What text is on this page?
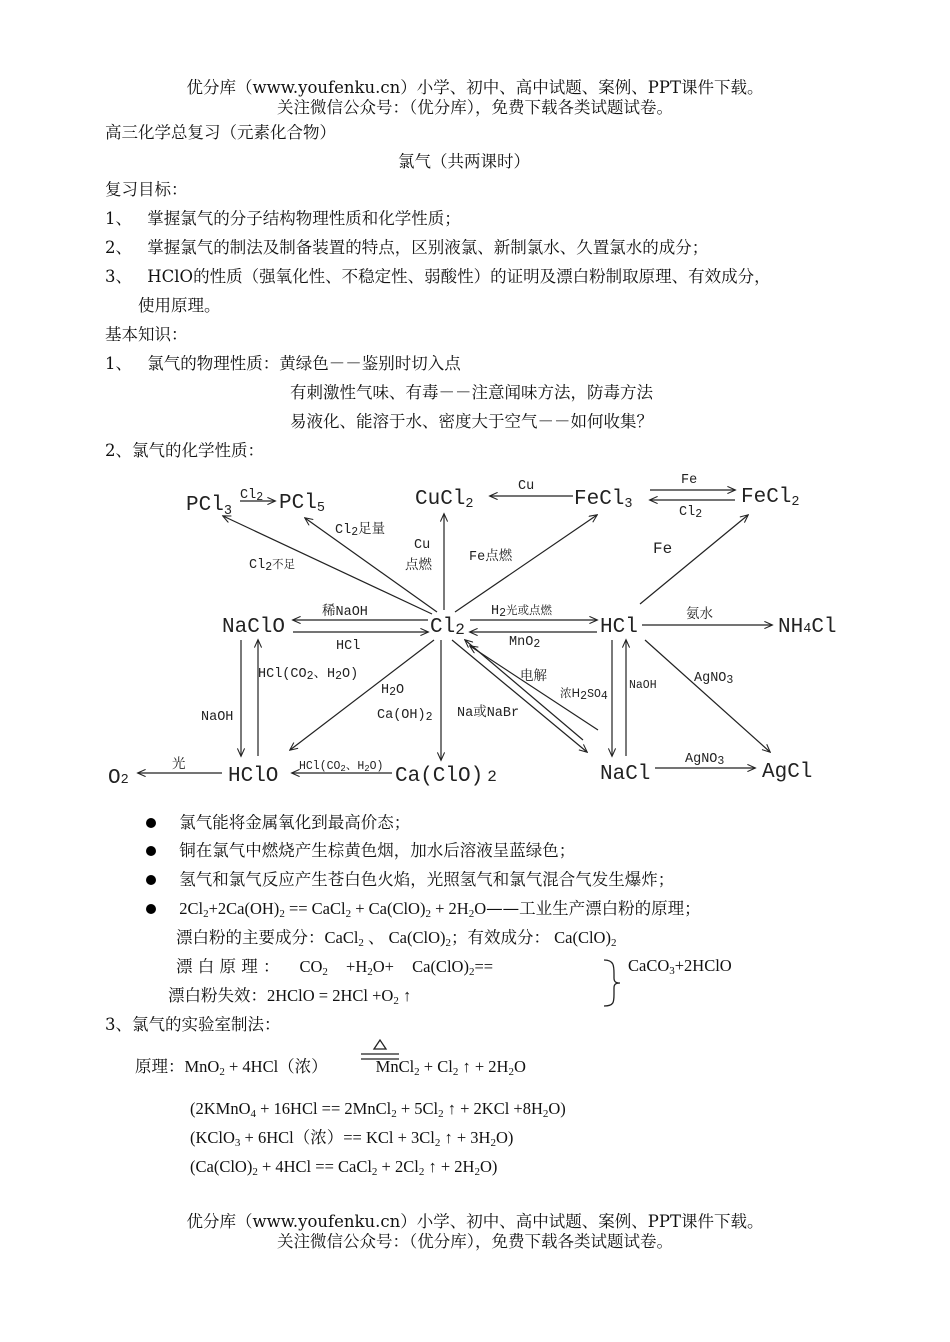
优分库（www.youfenku.cn）小学、初中、高中试题、案例、PPT课件下载。
关注微信公众号：（优分库），免费下载各类试题试卷。
高三化学总复习（元素化合物）
氯气（共两课时）
复习目标：
1、 掌握氯气的分子结构物理性质和化学性质；
2、 掌握氯气的制法及制备装置的特点，区别液氯、新制氯水、久置氯水的成分；
3、 HClO的性质（强氧化性、不稳定性、弱酸性）的证明及漂白粉制取原理、有效成分，
使用原理。
基本知识：
1、 氯气的物理性质：黄绿色－－鉴别时切入点
有刺激性气味、有毒－－注意闻味方法，防毒方法
易液化、能溶于水、密度大于空气－－如何收集？
2、氯气的化学性质：
PCl3 PCl5	CuCl2	FeCl3	FeCl2
NaClO	Cl2	HCl	NH4Cl
O2	HClO	Ca(ClO) 2	NaCl	AgCl
Cl2
Cl2足量
Cl2不足
Cu
Cu
点燃	Fe点燃
Fe
Cl2
Fe
稀NaOH
HCl
H2光或点燃
MnO2
氨水
HCl(CO2、H2O)
H2O
Ca(OH)2
NaOH
电解
浓H2SO4
Na或NaBr
NaOH	AgNO3
AgNO3
光	HCl(CO2、H2O)
氯气能将金属氧化到最高价态；
铜在氯气中燃烧产生棕黄色烟，加水后溶液呈蓝绿色；
氢气和氯气反应产生苍白色火焰，光照氢气和氯气混合气发生爆炸；
$2Cl_2+2Ca(OH)_2$ == CaCl$_2$ + $Ca(ClO)_2$ + $2H_2O——$工业生产漂白粉的原理；
漂白粉的主要成分：CaCl$_2$ 、 $Ca(ClO)_2$；有效成分： $Ca(ClO)_2$
漂 白 原 理 ： $CO_2 +H_2O+ Ca(ClO)_2==$	CaCO$_3$+2HClO
漂白粉失效：2HClO = $2HCl +O_2$ ↑
3、氯气的实验室制法：
原理：MnO$_2$ + 4HCl（浓）	MnCl$_2$ + $Cl_2$ ↑ + $2H_2O$
(2KMnO$_4$ + 16HCl == 2MnCl$_2$ + $5Cl_2$ ↑ + $2KCl +8H_2O$)
(KClO$_3$ + 6HCl（浓）== KCl + $3Cl_2$ ↑ + $3H_2O$)
($Ca(ClO)_2 + 4HCl$ == CaCl$_2$ + $2Cl_2$ ↑ + $2H_2O$)
优分库（www.youfenku.cn）小学、初中、高中试题、案例、PPT课件下载。
关注微信公众号：（优分库），免费下载各类试题试卷。
